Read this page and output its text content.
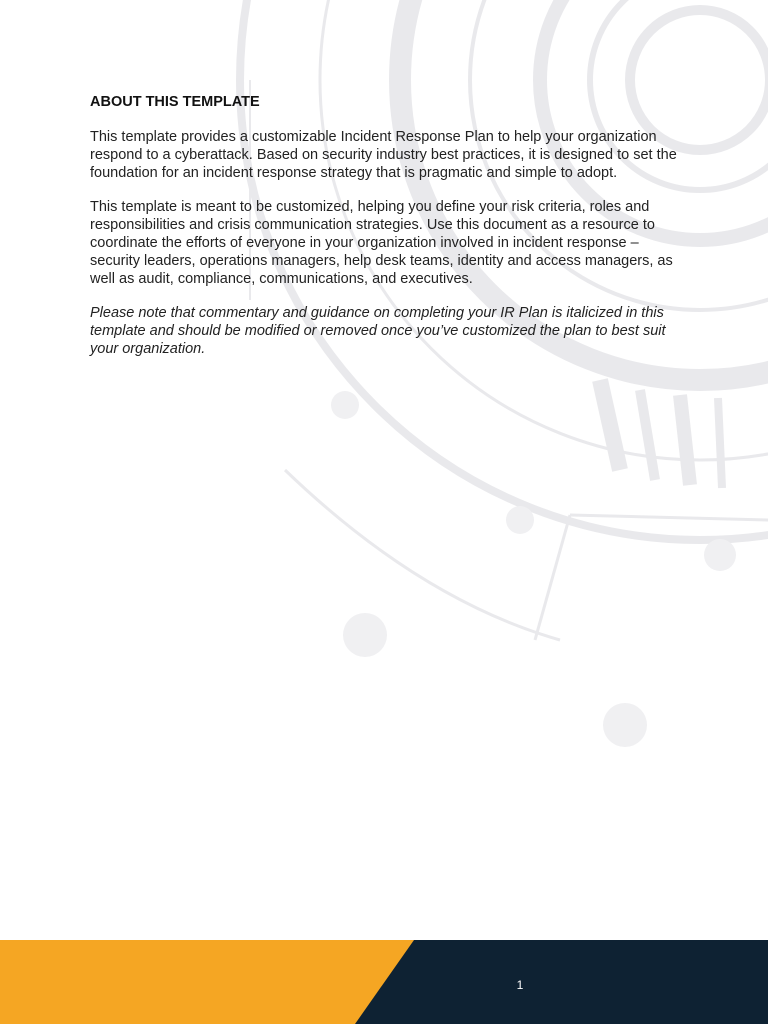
ABOUT THIS TEMPLATE

This template provides a customizable Incident Response Plan to help your organization respond to a cyberattack. Based on security industry best practices, it is designed to set the foundation for an incident response strategy that is pragmatic and simple to adopt.

This template is meant to be customized, helping you define your risk criteria, roles and responsibilities and crisis communication strategies. Use this document as a resource to coordinate the efforts of everyone in your organization involved in incident response – security leaders, operations managers, help desk teams, identity and access managers, as well as audit, compliance, communications, and executives.

Please note that commentary and guidance on completing your IR Plan is italicized in this template and should be modified or removed once you’ve customized the plan to best suit your organization.

1
